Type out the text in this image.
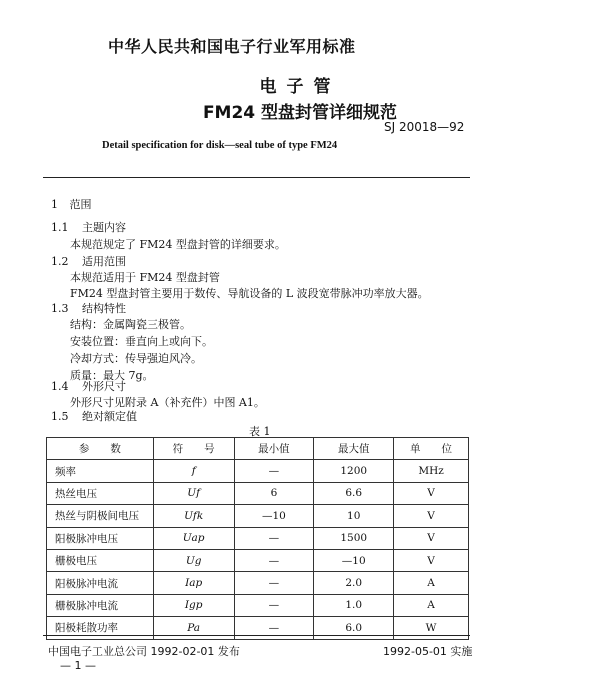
中华人民共和国电子行业军用标准
电子管
FM24 型盘封管详细规范
SJ 20018—92
Detail specification for disk—seal tube of type FM24
1 范围
1.1 主题内容
本规范规定了 FM24 型盘封管的详细要求。
1.2 适用范围
本规范适用于 FM24 型盘封管
FM24 型盘封管主要用于数传、导航设备的 L 波段宽带脉冲功率放大器。
1.3 结构特性
结构：金属陶瓷三极管。
安装位置：垂直向上或向下。
冷却方式：传导强迫风冷。
质量：最大 7g。
1.4 外形尺寸
外形尺寸见附录 A（补充件）中图 A1。
1.5 绝对额定值
表 1
参　　数	符　　号	最小值	最大值	单　　位
频率	f	—	1200	MHz
热丝电压	Uf	6	6.6	V
热丝与阴极间电压	Ufk	—10	10	V
阳极脉冲电压	Uap	—	1500	V
栅极电压	Ug	—	—10	V
阳极脉冲电流	Iap	—	2.0	A
栅极脉冲电流	Igp	—	1.0	A
阳极耗散功率	Pa	—	6.0	W
中国电子工业总公司 1992-02-01 发布	1992-05-01 实施
— 1 —
